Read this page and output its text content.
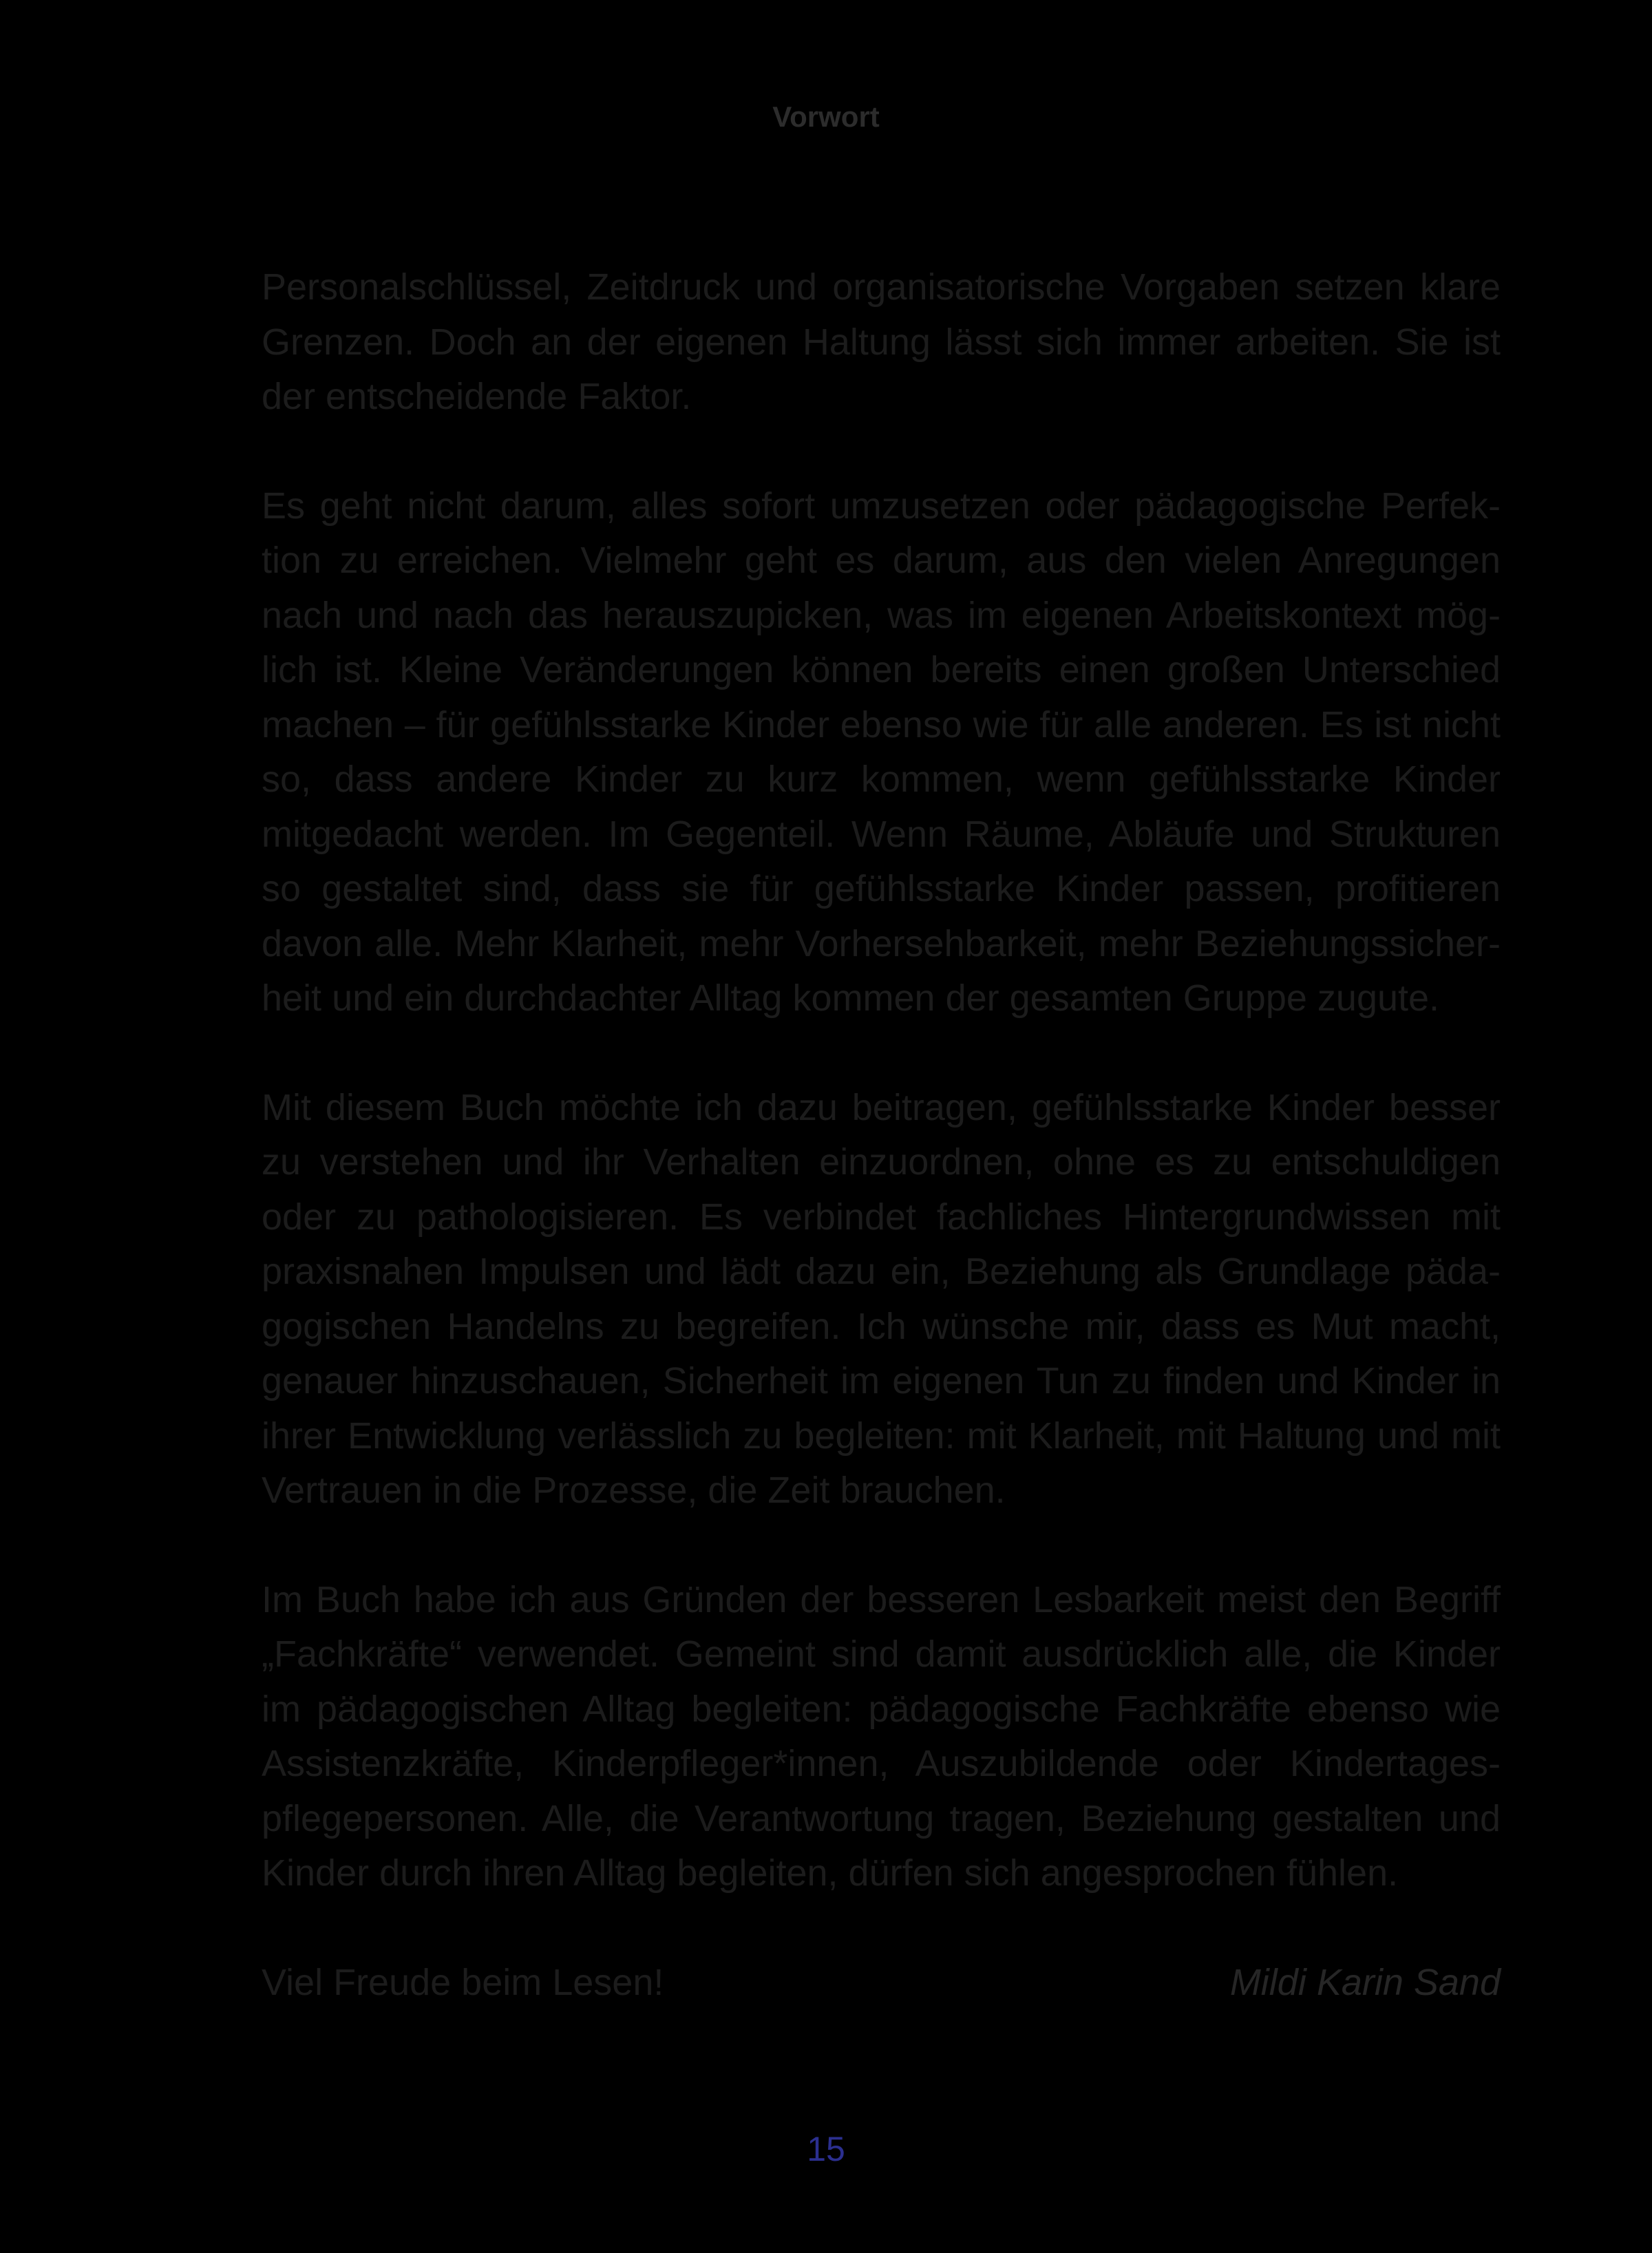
Vorwort

Personalschlüssel, Zeitdruck und organisatorische Vorgaben setzen klare Grenzen. Doch an der eigenen Haltung lässt sich immer arbeiten. Sie ist der entscheidende Faktor.

Es geht nicht darum, alles sofort umzusetzen oder pädagogische Perfektion zu erreichen. Vielmehr geht es darum, aus den vielen Anregungen nach und nach das herauszupicken, was im eigenen Arbeitskontext möglich ist. Kleine Veränderungen können bereits einen großen Unterschied machen – für gefühlsstarke Kinder ebenso wie für alle anderen. Es ist nicht so, dass andere Kinder zu kurz kommen, wenn gefühlsstarke Kinder mitgedacht werden. Im Gegenteil. Wenn Räume, Abläufe und Strukturen so gestaltet sind, dass sie für gefühlsstarke Kinder passen, profitieren davon alle. Mehr Klarheit, mehr Vorhersehbarkeit, mehr Beziehungssicherheit und ein durchdachter Alltag kommen der gesamten Gruppe zugute.

Mit diesem Buch möchte ich dazu beitragen, gefühlsstarke Kinder besser zu verstehen und ihr Verhalten einzuordnen, ohne es zu entschuldigen oder zu pathologisieren. Es verbindet fachliches Hintergrundwissen mit praxisnahen Impulsen und lädt dazu ein, Beziehung als Grundlage pädagogischen Handelns zu begreifen. Ich wünsche mir, dass es Mut macht, genauer hinzuschauen, Sicherheit im eigenen Tun zu finden und Kinder in ihrer Entwicklung verlässlich zu begleiten: mit Klarheit, mit Haltung und mit Vertrauen in die Prozesse, die Zeit brauchen.

Im Buch habe ich aus Gründen der besseren Lesbarkeit meist den Begriff „Fachkräfte“ verwendet. Gemeint sind damit ausdrücklich alle, die Kinder im pädagogischen Alltag begleiten: pädagogische Fachkräfte ebenso wie Assistenzkräfte, Kinderpfleger*innen, Auszubildende oder Kindertagespflegepersonen. Alle, die Verantwortung tragen, Beziehung gestalten und Kinder durch ihren Alltag begleiten, dürfen sich angesprochen fühlen.

Viel Freude beim Lesen!	Mildi Karin Sand
15
